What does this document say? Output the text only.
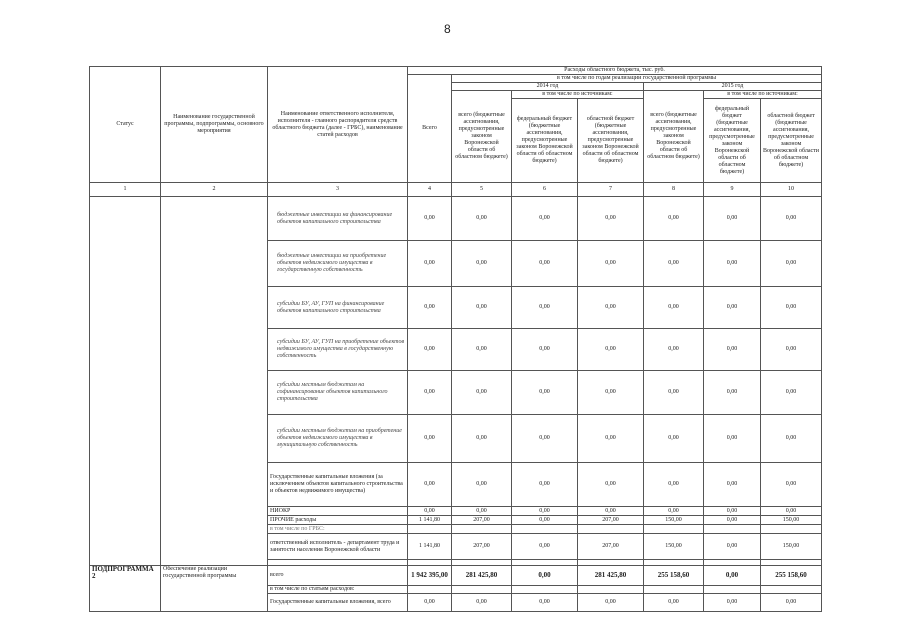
8
Статус	Наименование государственной программы, подпрограммы, основного мероприятия	Наименование ответственного исполнителя, исполнителя - главного распорядителя средств областного бюджета (далее - ГРБС), наименование статей расходов	Расходы областного бюджета, тыс. руб.						
			Всего	в том числе по годам реализации государственной программы					
				2014 год			2015 год		
				всего (бюджетные ассигнования, предусмотренные законом Воронежской области об областном бюджете)	в том числе по источникам:		всего (бюджетные ассигнования, предусмотренные законом Воронежской области об областном бюджете)	в том числе по источникам:	
					федеральный бюджет (бюджетные ассигнования, предусмотренные законом Воронежской области об областном бюджете)	областной бюджет (бюджетные ассигнования, предусмотренные законом Воронежской области об областном бюджете)		федеральный бюджет (бюджетные ассигнования, предусмотренные законом Воронежской области об областном бюджете)	областной бюджет (бюджетные ассигнования, предусмотренные законом Воронежской области об областном бюджете)
1	2	3	4	5	6	7	8	9	10
		бюджетные инвестиции на финансирование объектов капитального строительства	0,00	0,00	0,00	0,00	0,00	0,00	0,00
		бюджетные инвестиции на приобретение объектов недвижимого имущества в государственную собственность	0,00	0,00	0,00	0,00	0,00	0,00	0,00
		субсидии БУ, АУ, ГУП на финансирование объектов капитального строительства	0,00	0,00	0,00	0,00	0,00	0,00	0,00
		субсидии БУ, АУ, ГУП на приобретение объектов недвижимого имущества в государственную собственность	0,00	0,00	0,00	0,00	0,00	0,00	0,00
		субсидии местным бюджетам на софинансирование объектов капитального строительства	0,00	0,00	0,00	0,00	0,00	0,00	0,00
		субсидии местным бюджетам на приобретение объектов недвижимого имущества в муниципальную собственность	0,00	0,00	0,00	0,00	0,00	0,00	0,00
		Государственные капитальные вложения (за исключением объектов капитального строительства и объектов недвижимого имущества)	0,00	0,00	0,00	0,00	0,00	0,00	0,00
		НИОКР	0,00	0,00	0,00	0,00	0,00	0,00	0,00
		ПРОЧИЕ расходы	1 141,80	207,00	0,00	207,00	150,00	0,00	150,00
		в том числе по ГРБС:							
		ответственный исполнитель - департамент труда и занятости населения Воронежской области	1 141,80	207,00	0,00	207,00	150,00	0,00	150,00

ПОДПРОГРАММА 2	Обеспечение реализации государственной программы	всего	1 942 395,00	281 425,80	0,00	281 425,80	255 158,60	0,00	255 158,60
		в том числе по статьям расходов:							
		Государственные капитальные вложения, всего	0,00	0,00	0,00	0,00	0,00	0,00	0,00
